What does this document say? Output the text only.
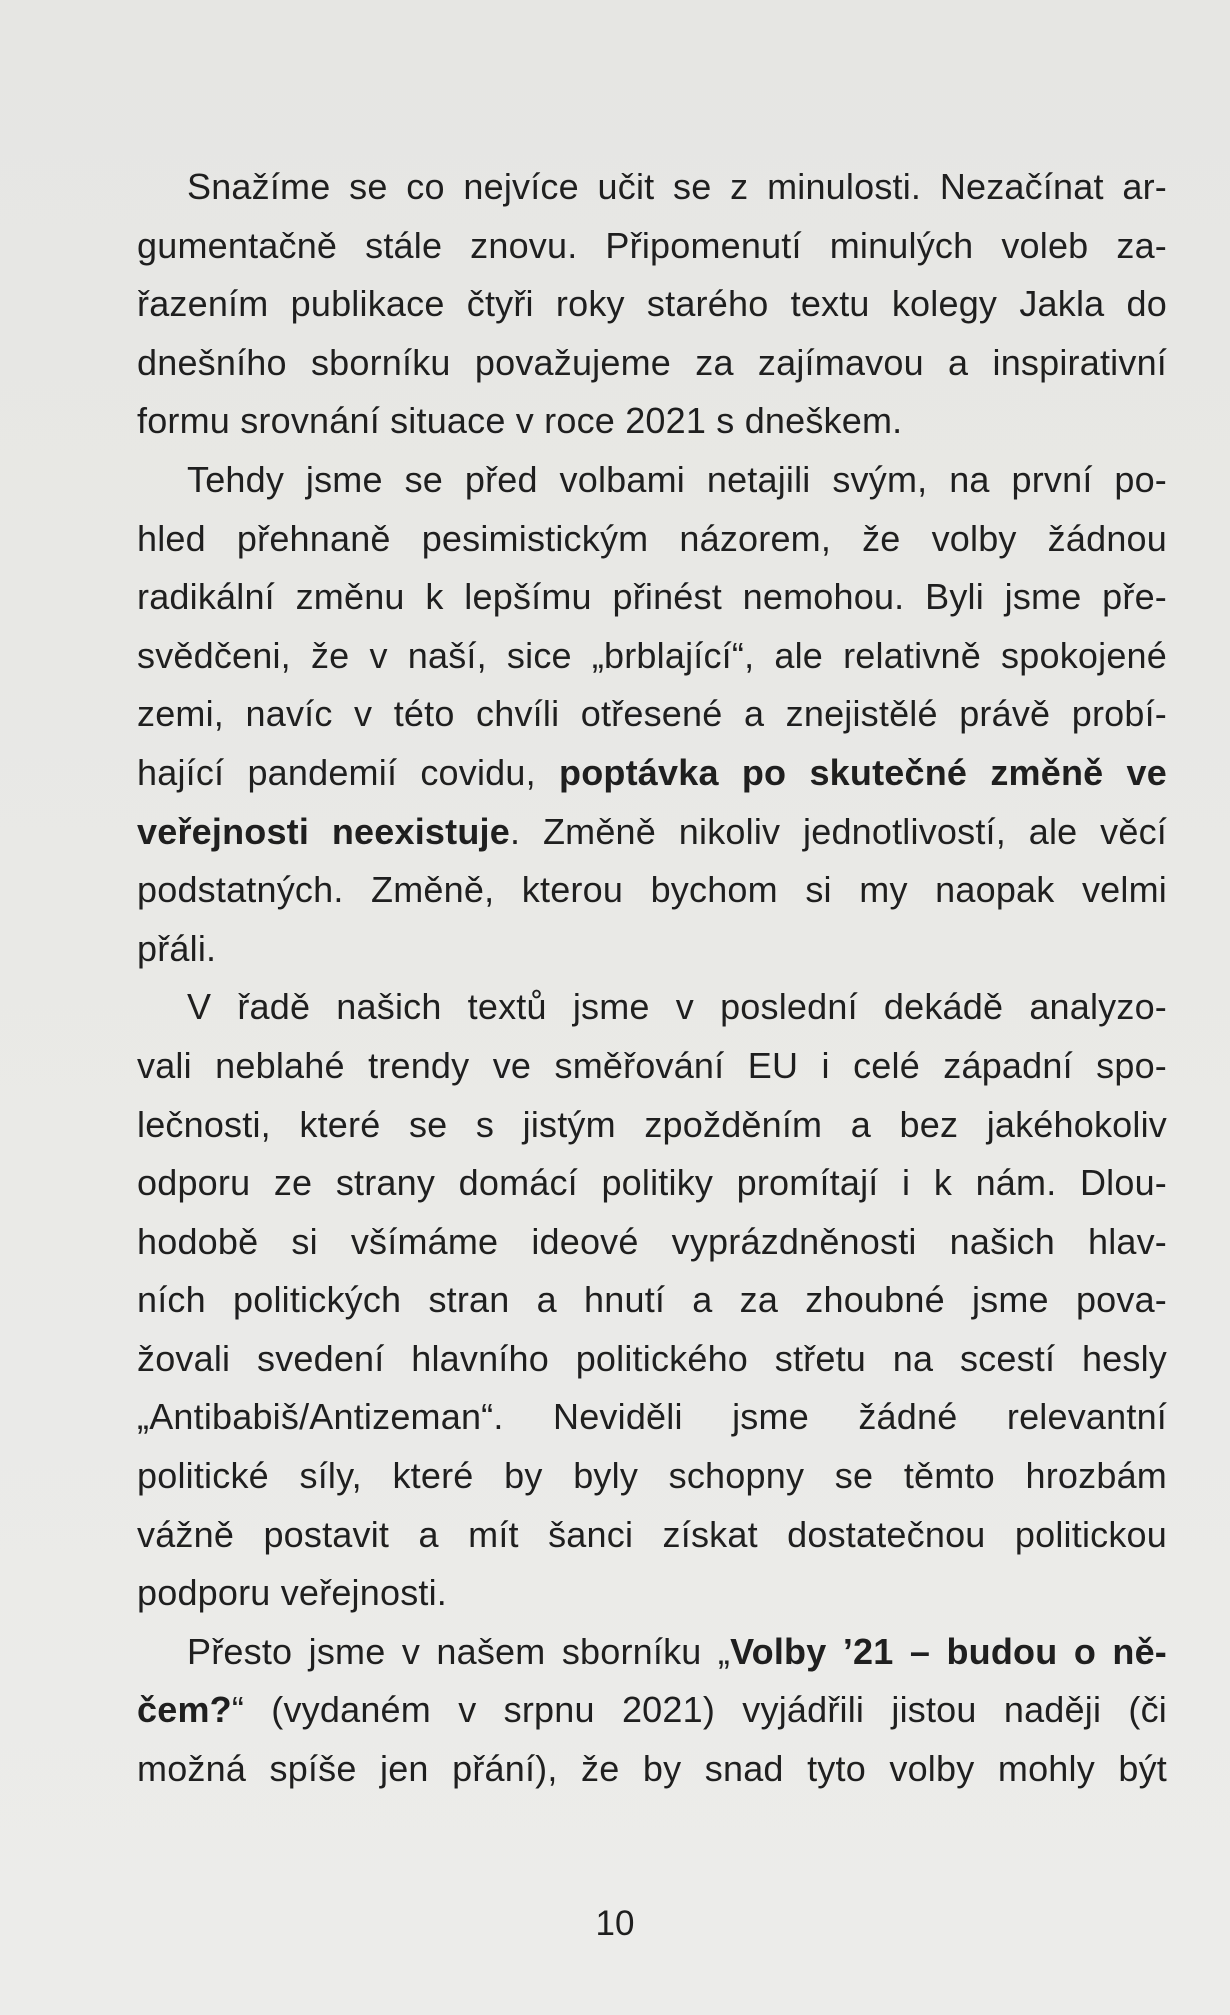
Snažíme se co nejvíce učit se z minulosti. Nezačínat ar-
gumentačně stále znovu. Připomenutí minulých voleb za-
řazením publikace čtyři roky starého textu kolegy Jakla do
dnešního sborníku považujeme za zajímavou a inspirativní
formu srovnání situace v roce 2021 s dneškem.

Tehdy jsme se před volbami netajili svým, na první po-
hled přehnaně pesimistickým názorem, že volby žádnou
radikální změnu k lepšímu přinést nemohou. Byli jsme pře-
svědčeni, že v naší, sice „brblající“, ale relativně spokojené
zemi, navíc v této chvíli otřesené a znejistělé právě probí-
hající pandemií covidu, poptávka po skutečné změně ve
veřejnosti neexistuje. Změně nikoliv jednotlivostí, ale věcí
podstatných. Změně, kterou bychom si my naopak velmi
přáli.

V řadě našich textů jsme v poslední dekádě analyzo-
vali neblahé trendy ve směřování EU i celé západní spo-
lečnosti, které se s jistým zpožděním a bez jakéhokoliv
odporu ze strany domácí politiky promítají i k nám. Dlou-
hodobě si všímáme ideové vyprázdněnosti našich hlav-
ních politických stran a hnutí a za zhoubné jsme pova-
žovali svedení hlavního politického střetu na scestí hesly
„Antibabiš/Antizeman“. Neviděli jsme žádné relevantní
politické síly, které by byly schopny se těmto hrozbám
vážně postavit a mít šanci získat dostatečnou politickou
podporu veřejnosti.

Přesto jsme v našem sborníku „Volby ’21 – budou o ně-
čem?“ (vydaném v srpnu 2021) vyjádřili jistou naději (či
možná spíše jen přání), že by snad tyto volby mohly být

10
